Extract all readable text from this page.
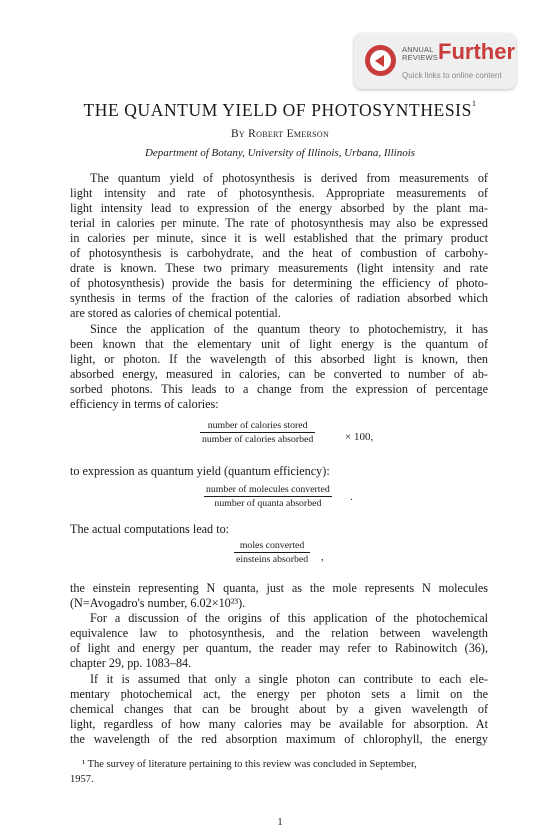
ANNUAL
REVIEWS Further
Quick links to online content
THE QUANTUM YIELD OF PHOTOSYNTHESIS$^1$
By Robert Emerson
Department of Botany, University of Illinois, Urbana, Illinois
The quantum yield of photosynthesis is derived from measurements of
light intensity and rate of photosynthesis. Appropriate measurements of
light intensity lead to expression of the energy absorbed by the plant ma-
terial in calories per minute. The rate of photosynthesis may also be expressed
in calories per minute, since it is well established that the primary product
of photosynthesis is carbohydrate, and the heat of combustion of carbohy-
drate is known. These two primary measurements (light intensity and rate
of photosynthesis) provide the basis for determining the efficiency of photo-
synthesis in terms of the fraction of the calories of radiation absorbed which
are stored as calories of chemical potential.
Since the application of the quantum theory to photochemistry, it has
been known that the elementary unit of light energy is the quantum of
light, or photon. If the wavelength of this absorbed light is known, then
absorbed energy, measured in calories, can be converted to number of ab-
sorbed photons. This leads to a change from the expression of percentage
efficiency in terms of calories:
number of calories stored
number of calories absorbed	× 100,
to expression as quantum yield (quantum efficiency):
number of molecules converted
number of quanta absorbed
.
The actual computations lead to:
moles converted
einsteins absorbed ,
the einstein representing N quanta, just as the mole represents N molecules
(N=Avogadro's number, 6.02×10²³).
For a discussion of the origins of this application of the photochemical
equivalence law to photosynthesis, and the relation between wavelength
of light and energy per quantum, the reader may refer to Rabinowitch (36),
chapter 29, pp. 1083–84.
If it is assumed that only a single photon can contribute to each ele-
mentary photochemical act, the energy per photon sets a limit on the
chemical changes that can be brought about by a given wavelength of
light, regardless of how many calories may be available for absorption. At
the wavelength of the red absorption maximum of chlorophyll, the energy
¹ The survey of literature pertaining to this review was concluded in September,
1957.
1
